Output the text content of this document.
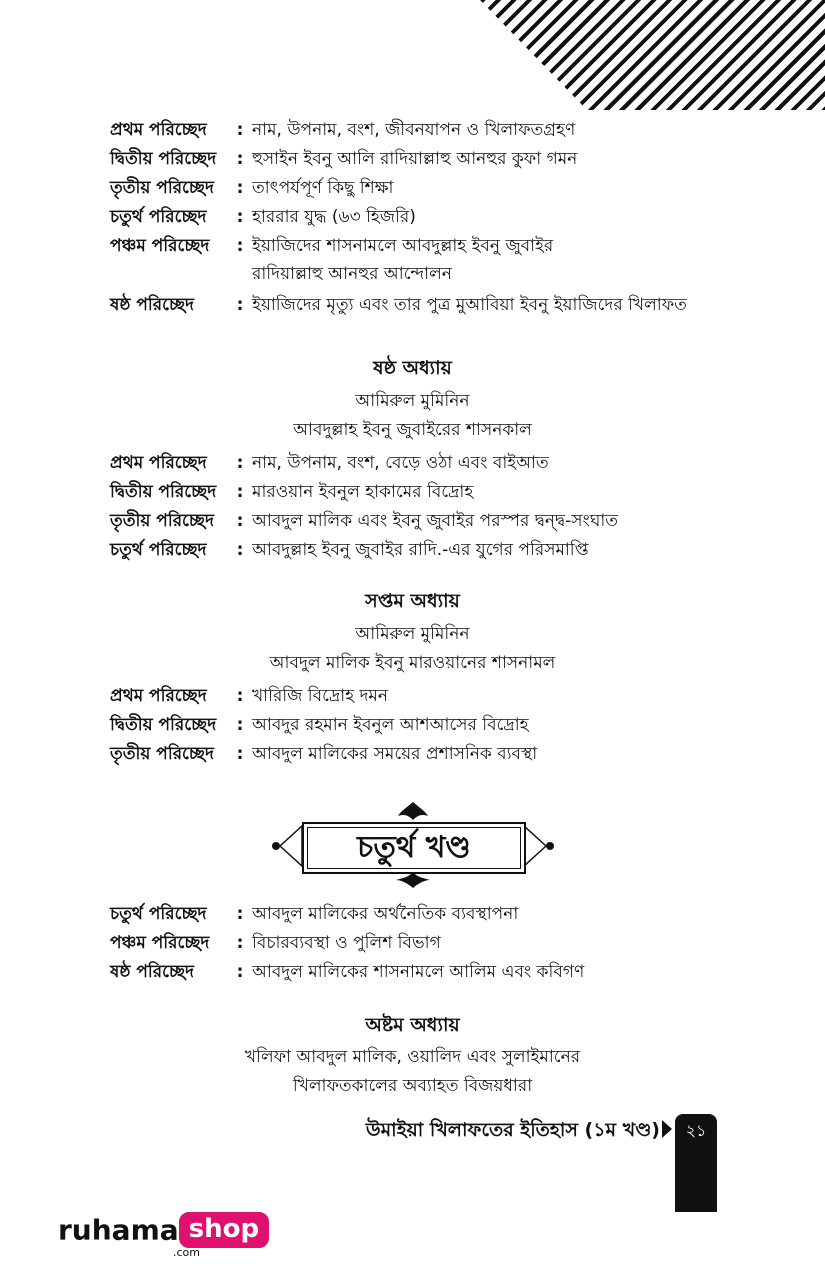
প্রথম পরিচ্ছেদ : নাম, উপনাম, বংশ, জীবনযাপন ও খিলাফতগ্রহণ
দ্বিতীয় পরিচ্ছেদ : হুসাইন ইবনু আলি রাদিয়াল্লাহু আনহুর কুফা গমন
তৃতীয় পরিচ্ছেদ : তাৎপর্যপূর্ণ কিছু শিক্ষা
চতুর্থ পরিচ্ছেদ : হাররার যুদ্ধ (৬৩ হিজরি)
পঞ্চম পরিচ্ছেদ : ইয়াজিদের শাসনামলে আবদুল্লাহ ইবনু জুবাইর
রাদিয়াল্লাহু আনহুর আন্দোলন
ষষ্ঠ পরিচ্ছেদ	: ইয়াজিদের মৃত্যু এবং তার পুত্র মুআবিয়া ইবনু ইয়াজিদের খিলাফত
ষষ্ঠ অধ্যায়
আমিরুল মুমিনিন
আবদুল্লাহ ইবনু জুবাইরের শাসনকাল
প্রথম পরিচ্ছেদ : নাম, উপনাম, বংশ, বেড়ে ওঠা এবং বাইআত
দ্বিতীয় পরিচ্ছেদ : মারওয়ান ইবনুল হাকামের বিদ্রোহ
তৃতীয় পরিচ্ছেদ : আবদুল মালিক এবং ইবনু জুবাইর পরস্পর দ্বন্দ্ব-সংঘাত
চতুর্থ পরিচ্ছেদ : আবদুল্লাহ ইবনু জুবাইর রাদি.-এর যুগের পরিসমাপ্তি
সপ্তম অধ্যায়
আমিরুল মুমিনিন
আবদুল মালিক ইবনু মারওয়ানের শাসনামল
প্রথম পরিচ্ছেদ : খারিজি বিদ্রোহ দমন
দ্বিতীয় পরিচ্ছেদ : আবদুর রহমান ইবনুল আশআসের বিদ্রোহ
তৃতীয় পরিচ্ছেদ : আবদুল মালিকের সময়ের প্রশাসনিক ব্যবস্থা
চতুর্থ খণ্ড
চতুর্থ পরিচ্ছেদ : আবদুল মালিকের অর্থনৈতিক ব্যবস্থাপনা
পঞ্চম পরিচ্ছেদ : বিচারব্যবস্থা ও পুলিশ বিভাগ
ষষ্ঠ পরিচ্ছেদ	: আবদুল মালিকের শাসনামলে আলিম এবং কবিগণ
অষ্টম অধ্যায়
খলিফা আবদুল মালিক, ওয়ালিদ এবং সুলাইমানের
খিলাফতকালের অব্যাহত বিজয়ধারা
উমাইয়া খিলাফতের ইতিহাস (১ম খণ্ড)	২১
ruhama shop
.com
